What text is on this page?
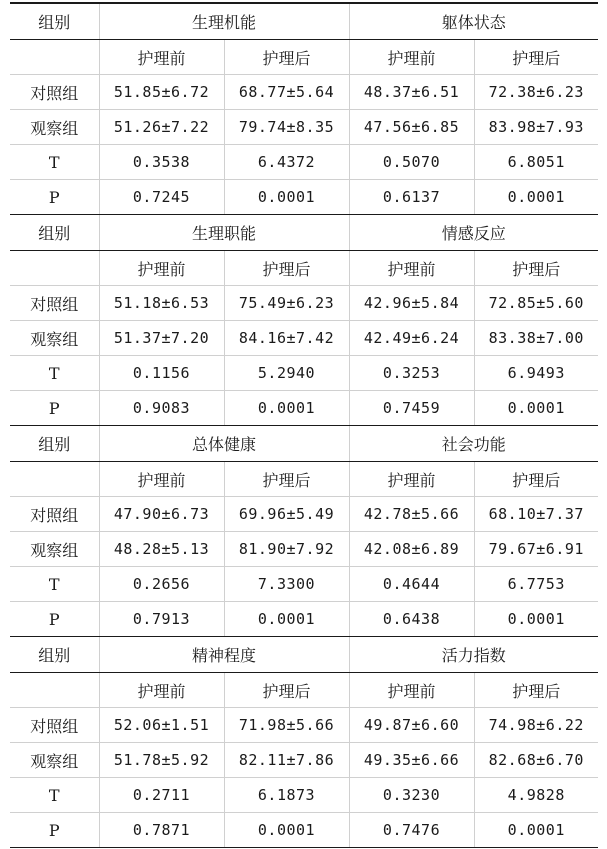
组别	生理机能		躯体状态	
	护理前	护理后	护理前	护理后
对照组	51.85±6.72	68.77±5.64	48.37±6.51	72.38±6.23
观察组	51.26±7.22	79.74±8.35	47.56±6.85	83.98±7.93
T	0.3538	6.4372	0.5070	6.8051
P	0.7245	0.0001	0.6137	0.0001
组别	生理职能		情感反应	
	护理前	护理后	护理前	护理后
对照组	51.18±6.53	75.49±6.23	42.96±5.84	72.85±5.60
观察组	51.37±7.20	84.16±7.42	42.49±6.24	83.38±7.00
T	0.1156	5.2940	0.3253	6.9493
P	0.9083	0.0001	0.7459	0.0001
组别	总体健康		社会功能	
	护理前	护理后	护理前	护理后
对照组	47.90±6.73	69.96±5.49	42.78±5.66	68.10±7.37
观察组	48.28±5.13	81.90±7.92	42.08±6.89	79.67±6.91
T	0.2656	7.3300	0.4644	6.7753
P	0.7913	0.0001	0.6438	0.0001
组别	精神程度		活力指数	
	护理前	护理后	护理前	护理后
对照组	52.06±1.51	71.98±5.66	49.87±6.60	74.98±6.22
观察组	51.78±5.92	82.11±7.86	49.35±6.66	82.68±6.70
T	0.2711	6.1873	0.3230	4.9828
P	0.7871	0.0001	0.7476	0.0001
